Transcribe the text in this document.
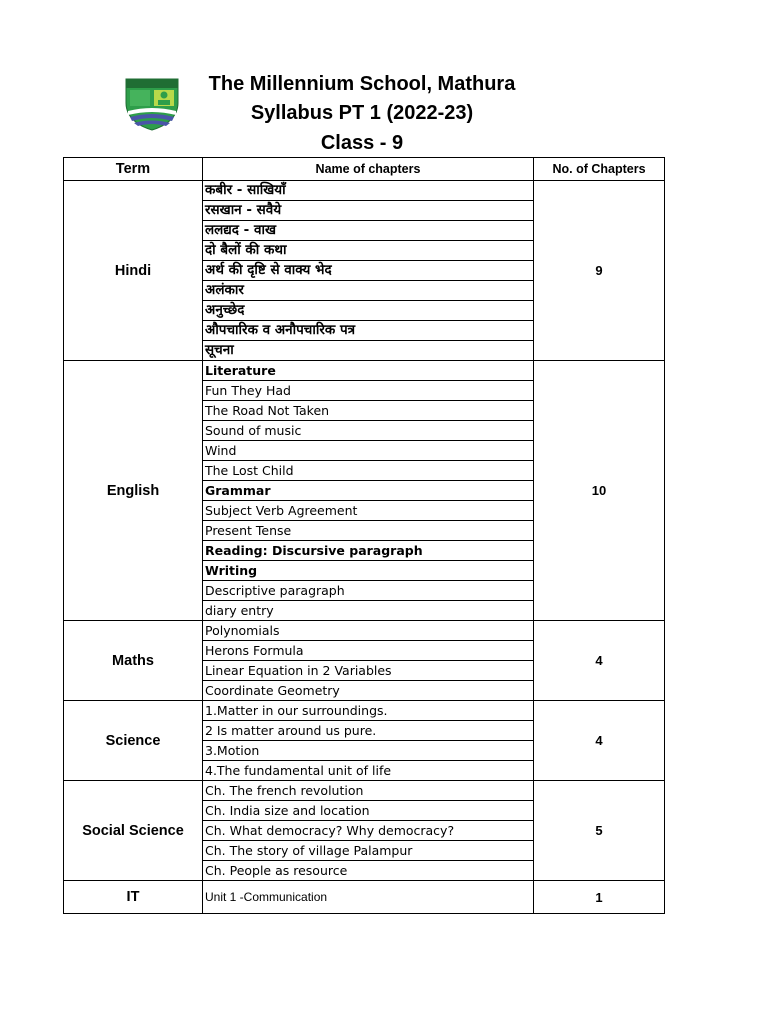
The Millennium School, Mathura
Syllabus PT 1 (2022-23)
Class - 9
Term	Name of chapters	No. of Chapters
Hindi	कबीर - साखियाँ	9
	रसखान - सवैये	
	ललद्यद - वाख	
	दो बैलों की कथा	
	अर्थ की दृष्टि से वाक्य भेद	
	अलंकार	
	अनुच्छेद	
	औपचारिक व अनौपचारिक पत्र	
	सूचना	
English	Literature	10
	Fun They Had	
	The Road Not Taken	
	Sound of music	
	Wind	
	The Lost Child	
	Grammar	
	Subject Verb Agreement	
	Present Tense	
	Reading: Discursive paragraph	
	Writing	
	Descriptive paragraph	
	diary entry	
Maths	Polynomials	4
	Herons Formula	
	Linear Equation in 2 Variables	
	Coordinate Geometry	
Science	1.Matter in our surroundings.	4
	2 Is matter around us pure.	
	3.Motion	
	4.The fundamental unit of life	
Social Science	Ch. The french revolution	5
	Ch. India size and location	
	Ch. What democracy? Why democracy?	
	Ch. The story of village Palampur	
	Ch. People as resource	
IT	Unit 1 -Communication	1
